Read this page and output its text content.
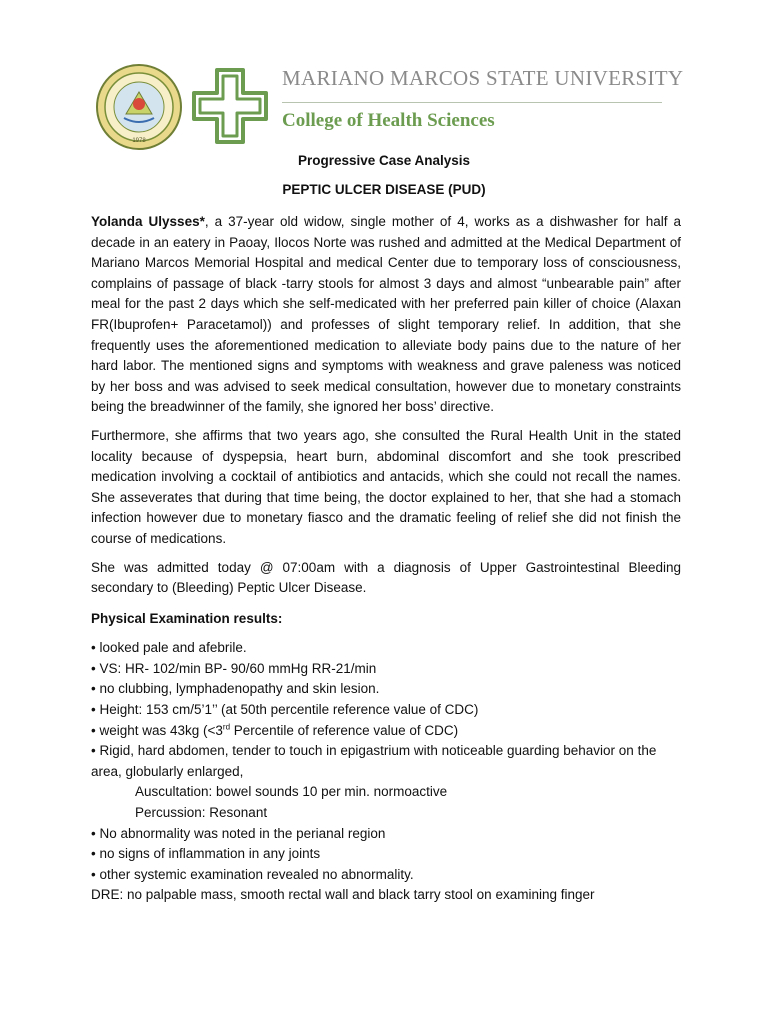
1978
MARIANO MARCOS STATE UNIVERSITY
College of Health Sciences
Progressive Case Analysis
PEPTIC ULCER DISEASE (PUD)

Yolanda Ulysses*, a 37-year old widow, single mother of 4, works as a dishwasher for half a decade in an eatery in Paoay, Ilocos Norte was rushed and admitted at the Medical Department of Mariano Marcos Memorial Hospital and medical Center due to temporary loss of consciousness, complains of passage of black -tarry stools for almost 3 days and almost “unbearable pain” after meal for the past 2 days which she self-medicated with her preferred pain killer of choice (Alaxan FR(Ibuprofen+ Paracetamol)) and professes of slight temporary relief. In addition, that she frequently uses the aforementioned medication to alleviate body pains due to the nature of her hard labor. The mentioned signs and symptoms with weakness and grave paleness was noticed by her boss and was advised to seek medical consultation, however due to monetary constraints being the breadwinner of the family, she ignored her boss’ directive.

Furthermore, she affirms that two years ago, she consulted the Rural Health Unit in the stated locality because of dyspepsia, heart burn, abdominal discomfort and she took prescribed medication involving a cocktail of antibiotics and antacids, which she could not recall the names. She asseverates that during that time being, the doctor explained to her, that she had a stomach infection however due to monetary fiasco and the dramatic feeling of relief she did not finish the course of medications.

She was admitted today @ 07:00am with a diagnosis of Upper Gastrointestinal Bleeding secondary to (Bleeding) Peptic Ulcer Disease.

Physical Examination results:
• looked pale and afebrile.
• VS: HR- 102/min BP- 90/60 mmHg RR-21/min
• no clubbing, lymphadenopathy and skin lesion.
• Height: 153 cm/5’1’’ (at 50th percentile reference value of CDC)
• weight was 43kg (<3rd Percentile of reference value of CDC)
• Rigid, hard abdomen, tender to touch in epigastrium with noticeable guarding behavior on the area, globularly enlarged,
Auscultation: bowel sounds 10 per min. normoactive
Percussion: Resonant
• No abnormality was noted in the perianal region
• no signs of inflammation in any joints
• other systemic examination revealed no abnormality.
DRE: no palpable mass, smooth rectal wall and black tarry stool on examining finger
